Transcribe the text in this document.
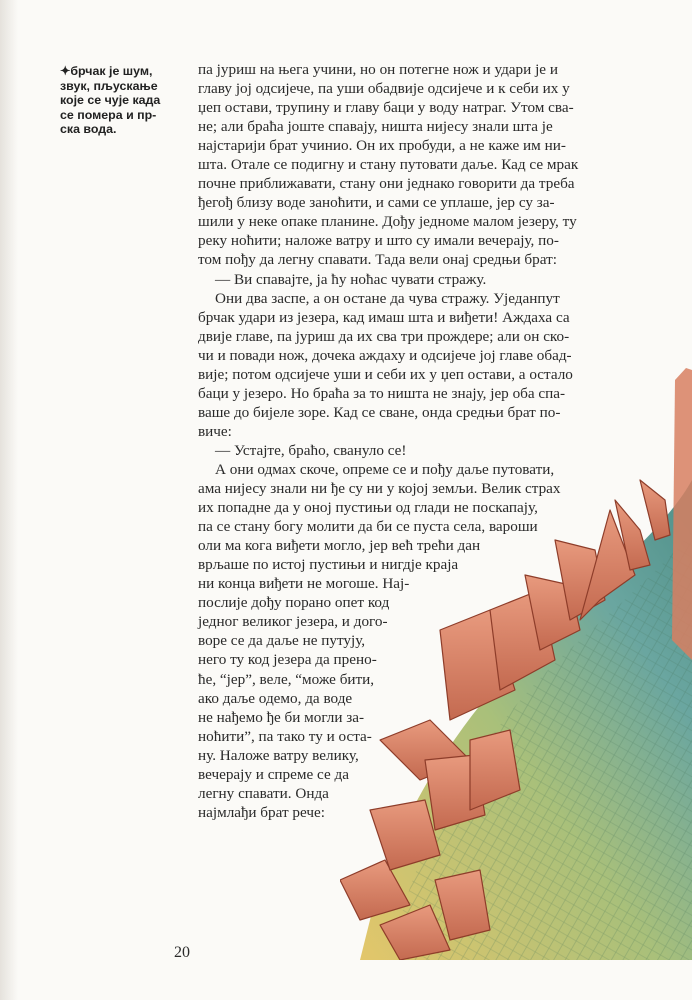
✦брчак је шум,
звук, пљускање
које се чује када
се помера и пр-
ска вода.
па јуриш на њега учини, но он потегне нож и удари је и
главу јој одсијече, па уши обадвије одсијече и к себи их у
џеп остави, трупину и главу баци у воду натраг. Утом сва-
не; али браћа јоште спавају, ништа нијесу знали шта је
најстарији брат учинио. Он их пробуди, а не каже им ни-
шта. Отале се подигну и стану путовати даље. Кад се мрак
почне приближавати, стану они једнако говорити да треба
ђегођ близу воде заноћити, и сами се уплаше, јер су за-
шили у неке опаке планине. Дођу једноме малом језеру, ту
реку ноћити; наложе ватру и што су имали вечерају, по-
том пођу да легну спавати. Тада вели онај средњи брат:
— Ви спавајте, ја ћу ноћас чувати стражу.
Они два заспе, а он остане да чува стражу. Уједанпут
брчак удари из језера, кад имаш шта и виђети! Аждаха са
двије главе, па јуриш да их сва три прождере; али он ско-
чи и повади нож, дочека аждаху и одсијече јој главе обад-
вије; потом одсијече уши и себи их у џеп остави, а остало
баци у језеро. Но браћа за то ништа не знају, јер оба спа-
ваше до бијеле зоре. Кад се сване, онда средњи брат по-
виче:
— Устајте, браћо, свануло се!
А они одмах скоче, опреме се и пођу даље путовати,
ама нијесу знали ни ђе су ни у којој земљи. Велик страх
их попадне да у оној пустињи од глади не поскапају,
па се стану богу молити да би се пуста села, вароши
оли ма кога виђети могло, јер већ трећи дан
врљаше по истој пустињи и нигдје краја
ни конца виђети не могоше. Нај-
послије дођу порано опет код
једног великог језера, и дого-
воре се да даље не путују,
него ту код језера да прено-
ће, “јер”, веле, “може бити,
ако даље одемо, да воде
не нађемо ђе би могли за-
ноћити”, па тако ту и оста-
ну. Наложе ватру велику,
вечерају и спреме се да
легну спавати. Онда
најмлађи брат рече:
20
